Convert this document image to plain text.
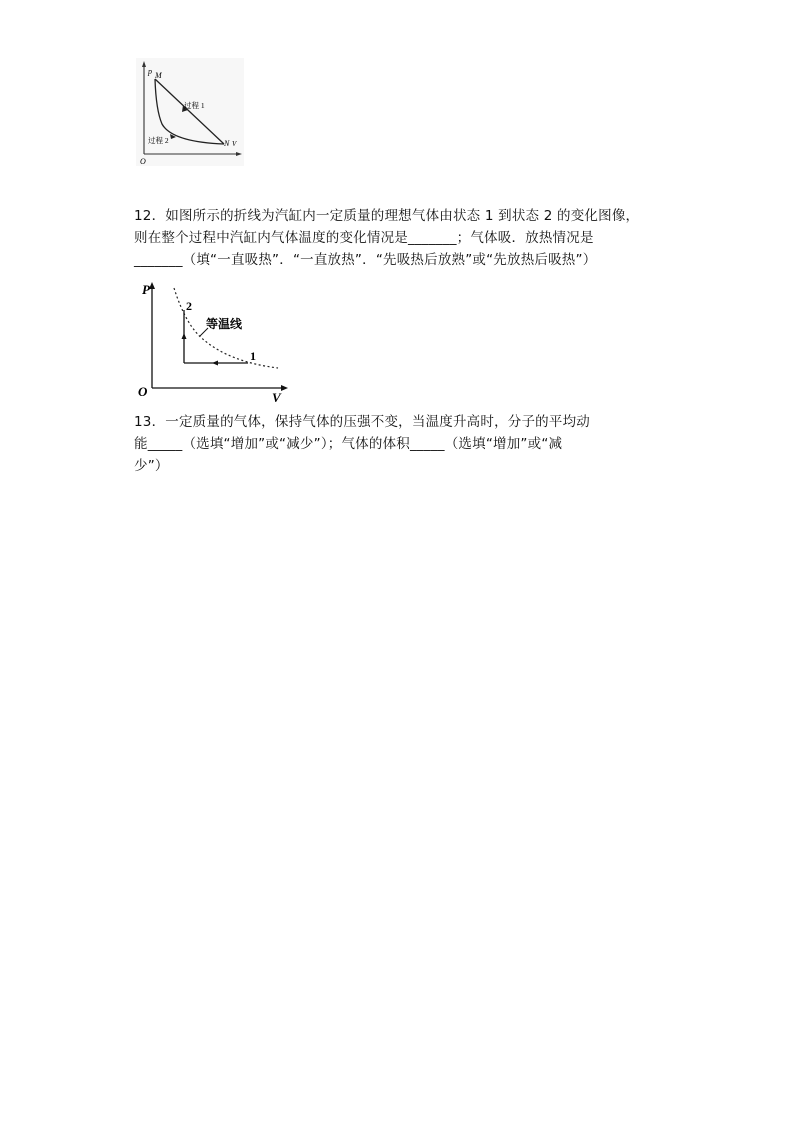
p M
N V
O
过程 1
过程 2

12．如图所示的折线为汽缸内一定质量的理想气体由状态 1 到状态 2 的变化图像，

则在整个过程中汽缸内气体温度的变化情况是_______；气体吸．放热情况是

_______（填“一直吸热”．“一直放热”．“先吸热后放熟”或“先放热后吸热”）

P
V
O
2
1
等温线

13．一定质量的气体，保持气体的压强不变，当温度升高时，分子的平均动

能_____（选填“增加”或“减少”）；气体的体积_____（选填“增加”或“减

少”）
